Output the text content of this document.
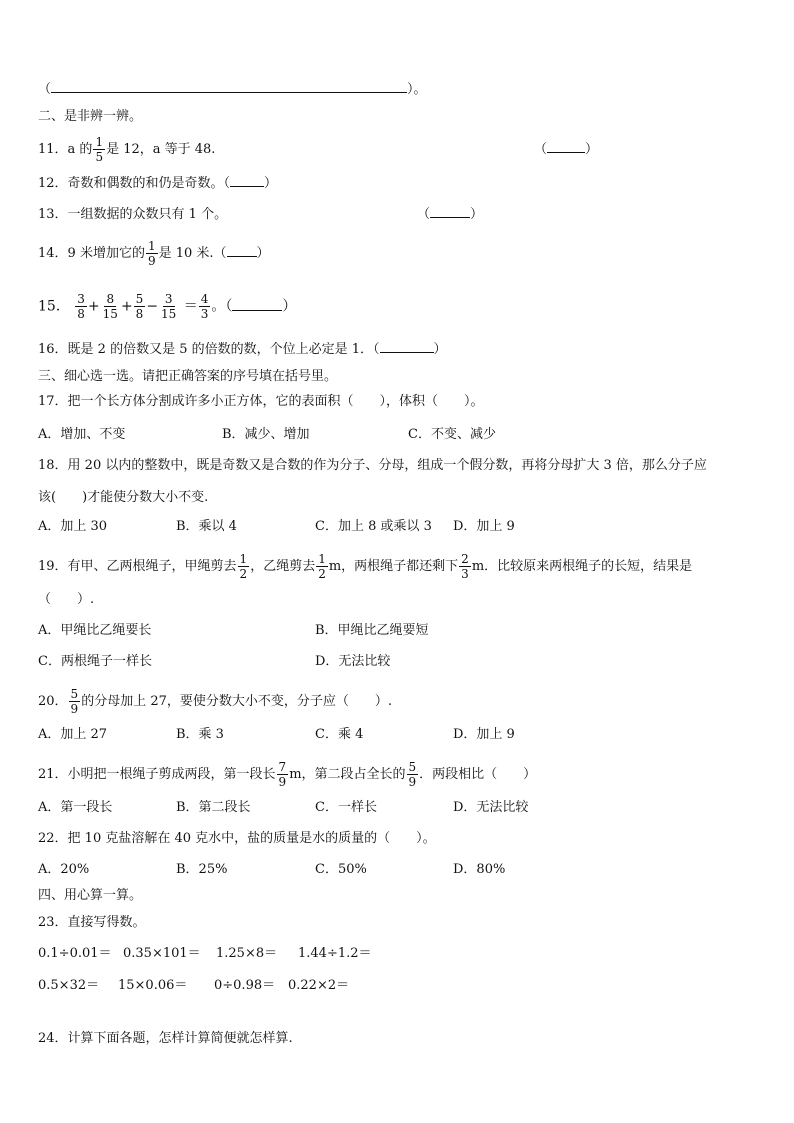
（	）。
二、是非辨一辨。
11．a 的 $\frac{1}{5}$ 是 12，a 等于 48.	（	）
12．奇数和偶数的和仍是奇数。（	）
13．一组数据的众数只有 1 个。	（	）
14．9 米增加它的 $\frac{1}{9}$ 是 10 米.（ ）
15． $\frac{3}{8} + \frac{8}{15} + \frac{5}{8} - \frac{3}{15} = \frac{4}{3}$ 。（	）
16．既是 2 的倍数又是 5 的倍数的数，个位上必定是 1．（	）
三、细心选一选。请把正确答案的序号填在括号里。
17．把一个长方体分割成许多小正方体，它的表面积（　　），体积（　　）。
A．增加、不变	B．减少、增加	C．不变、减少
18．用 20 以内的整数中，既是奇数又是合数的作为分子、分母，组成一个假分数，再将分母扩大 3 倍，那么分子应
该(　　)才能使分数大小不变.
A．加上 30	B．乘以 4	C．加上 8 或乘以 3 D．加上 9
19．有甲、乙两根绳子，甲绳剪去 $\frac{1}{2}$ ，乙绳剪去 $\frac{1}{2}$ m，两根绳子都还剩下 $\frac{2}{3}$ m．比较原来两根绳子的长短，结果是
（　　）.
A．甲绳比乙绳要长	B．甲绳比乙绳要短
C．两根绳子一样长	D．无法比较
20． $\frac{5}{9}$ 的分母加上 27，要使分数大小不变，分子应（　　）.
A．加上 27	B．乘 3	C．乘 4	D．加上 9
21．小明把一根绳子剪成两段，第一段长 $\frac{7}{9}$ m，第二段占全长的 $\frac{5}{9}$ ．两段相比（　　）
A．第一段长	B．第二段长	C．一样长	D．无法比较
22．把 10 克盐溶解在 40 克水中，盐的质量是水的质量的（　　）。
A．20%	B．25%	C．50%	D．80%
四、用心算一算。
23．直接写得数。
0.1÷0.01＝ 0.35×101＝ 1.25×8＝ 1.44÷1.2＝
0.5×32＝ 15×0.06＝ 0÷0.98＝ 0.22×2＝
24．计算下面各题，怎样计算简便就怎样算.
